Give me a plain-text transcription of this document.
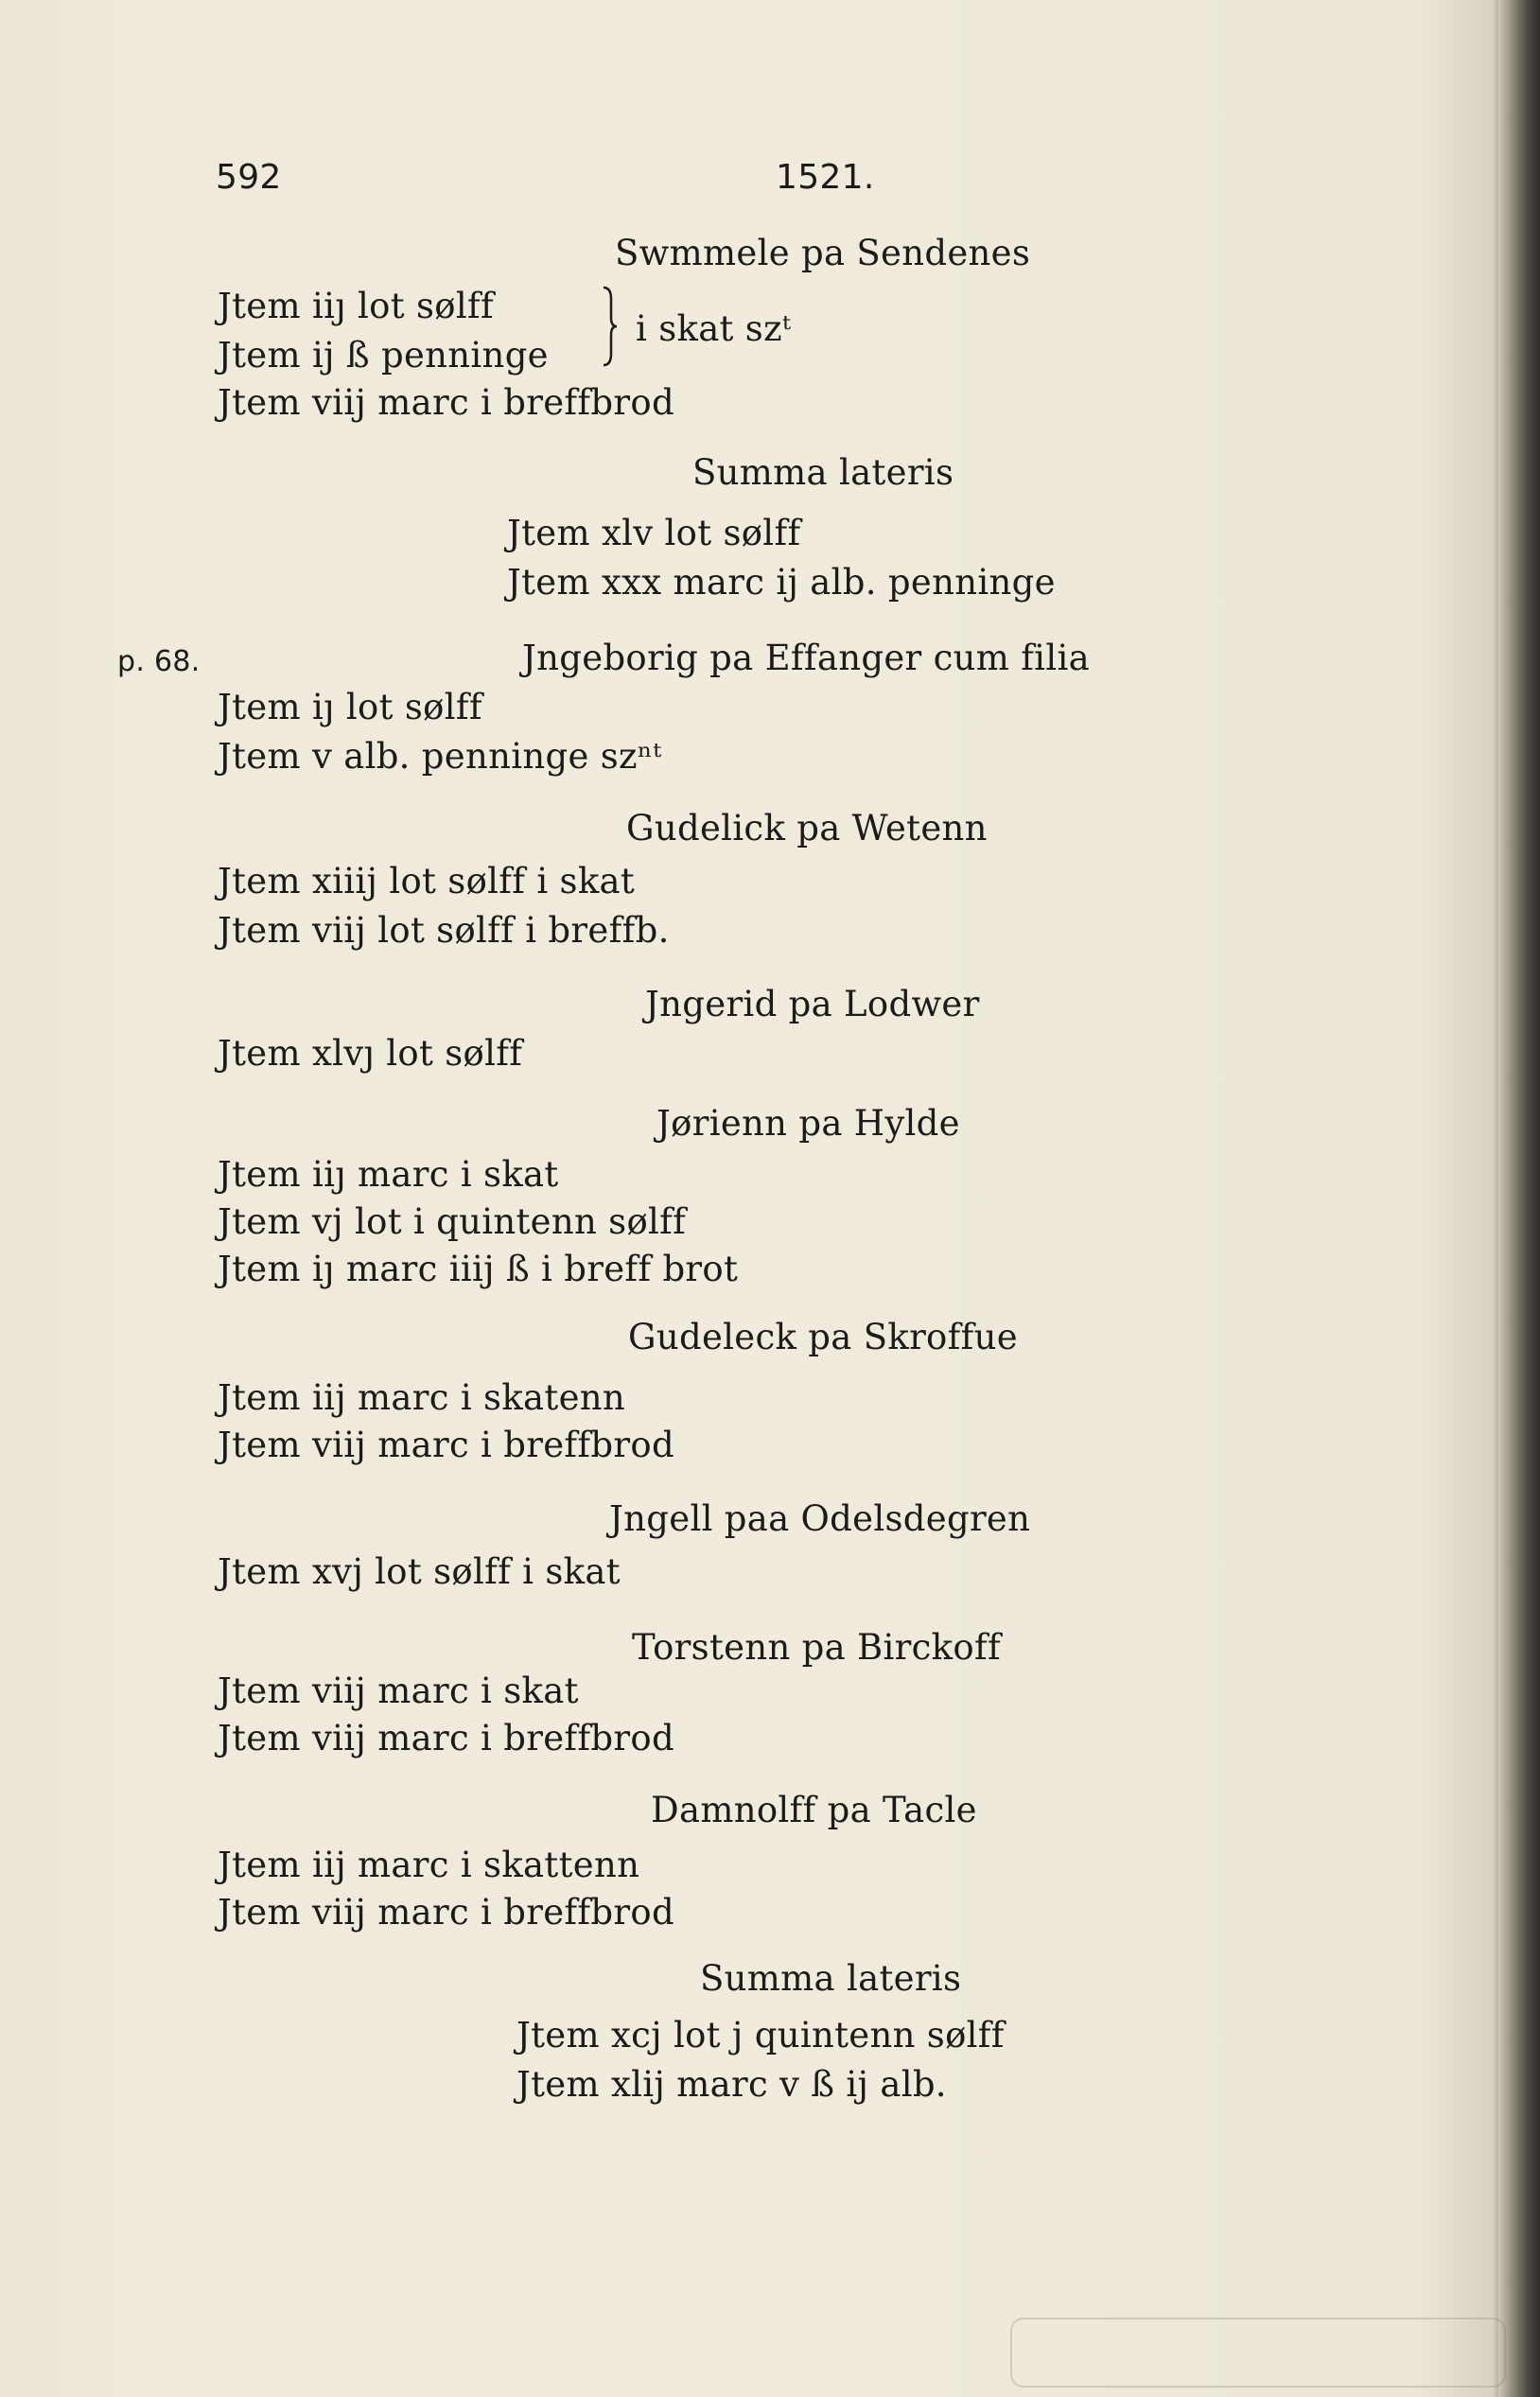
592	1521.
p. 68.
Swmmele pa Sendenes
Jtem iiȷ lot sølff
Jtem ij ß penninge
i skat szᵗ
Jtem viij marc i breffbrod
Summa lateris
Jtem xlv lot sølff
Jtem xxx marc ij alb. penninge
Jngeborig pa Effanger cum filia
Jtem iȷ lot sølff
Jtem v alb. penninge szⁿᵗ
Gudelick pa Wetenn
Jtem xiiij lot sølff i skat
Jtem viij lot sølff i breffb.
Jngerid pa Lodwer
Jtem xlvȷ lot sølff
Jørienn pa Hylde
Jtem iiȷ marc i skat
Jtem vj lot i quintenn sølff
Jtem iȷ marc iiij ß i breff brot
Gudeleck pa Skroffue
Jtem iij marc i skatenn
Jtem viij marc i breffbrod
Jngell paa Odelsdegren
Jtem xvj lot sølff i skat
Torstenn pa Birckoff
Jtem viij marc i skat
Jtem viij marc i breffbrod
Damnolff pa Tacle
Jtem iij marc i skattenn
Jtem viij marc i breffbrod
Summa lateris
Jtem xcj lot j quintenn sølff
Jtem xlij marc v ß ij alb.
